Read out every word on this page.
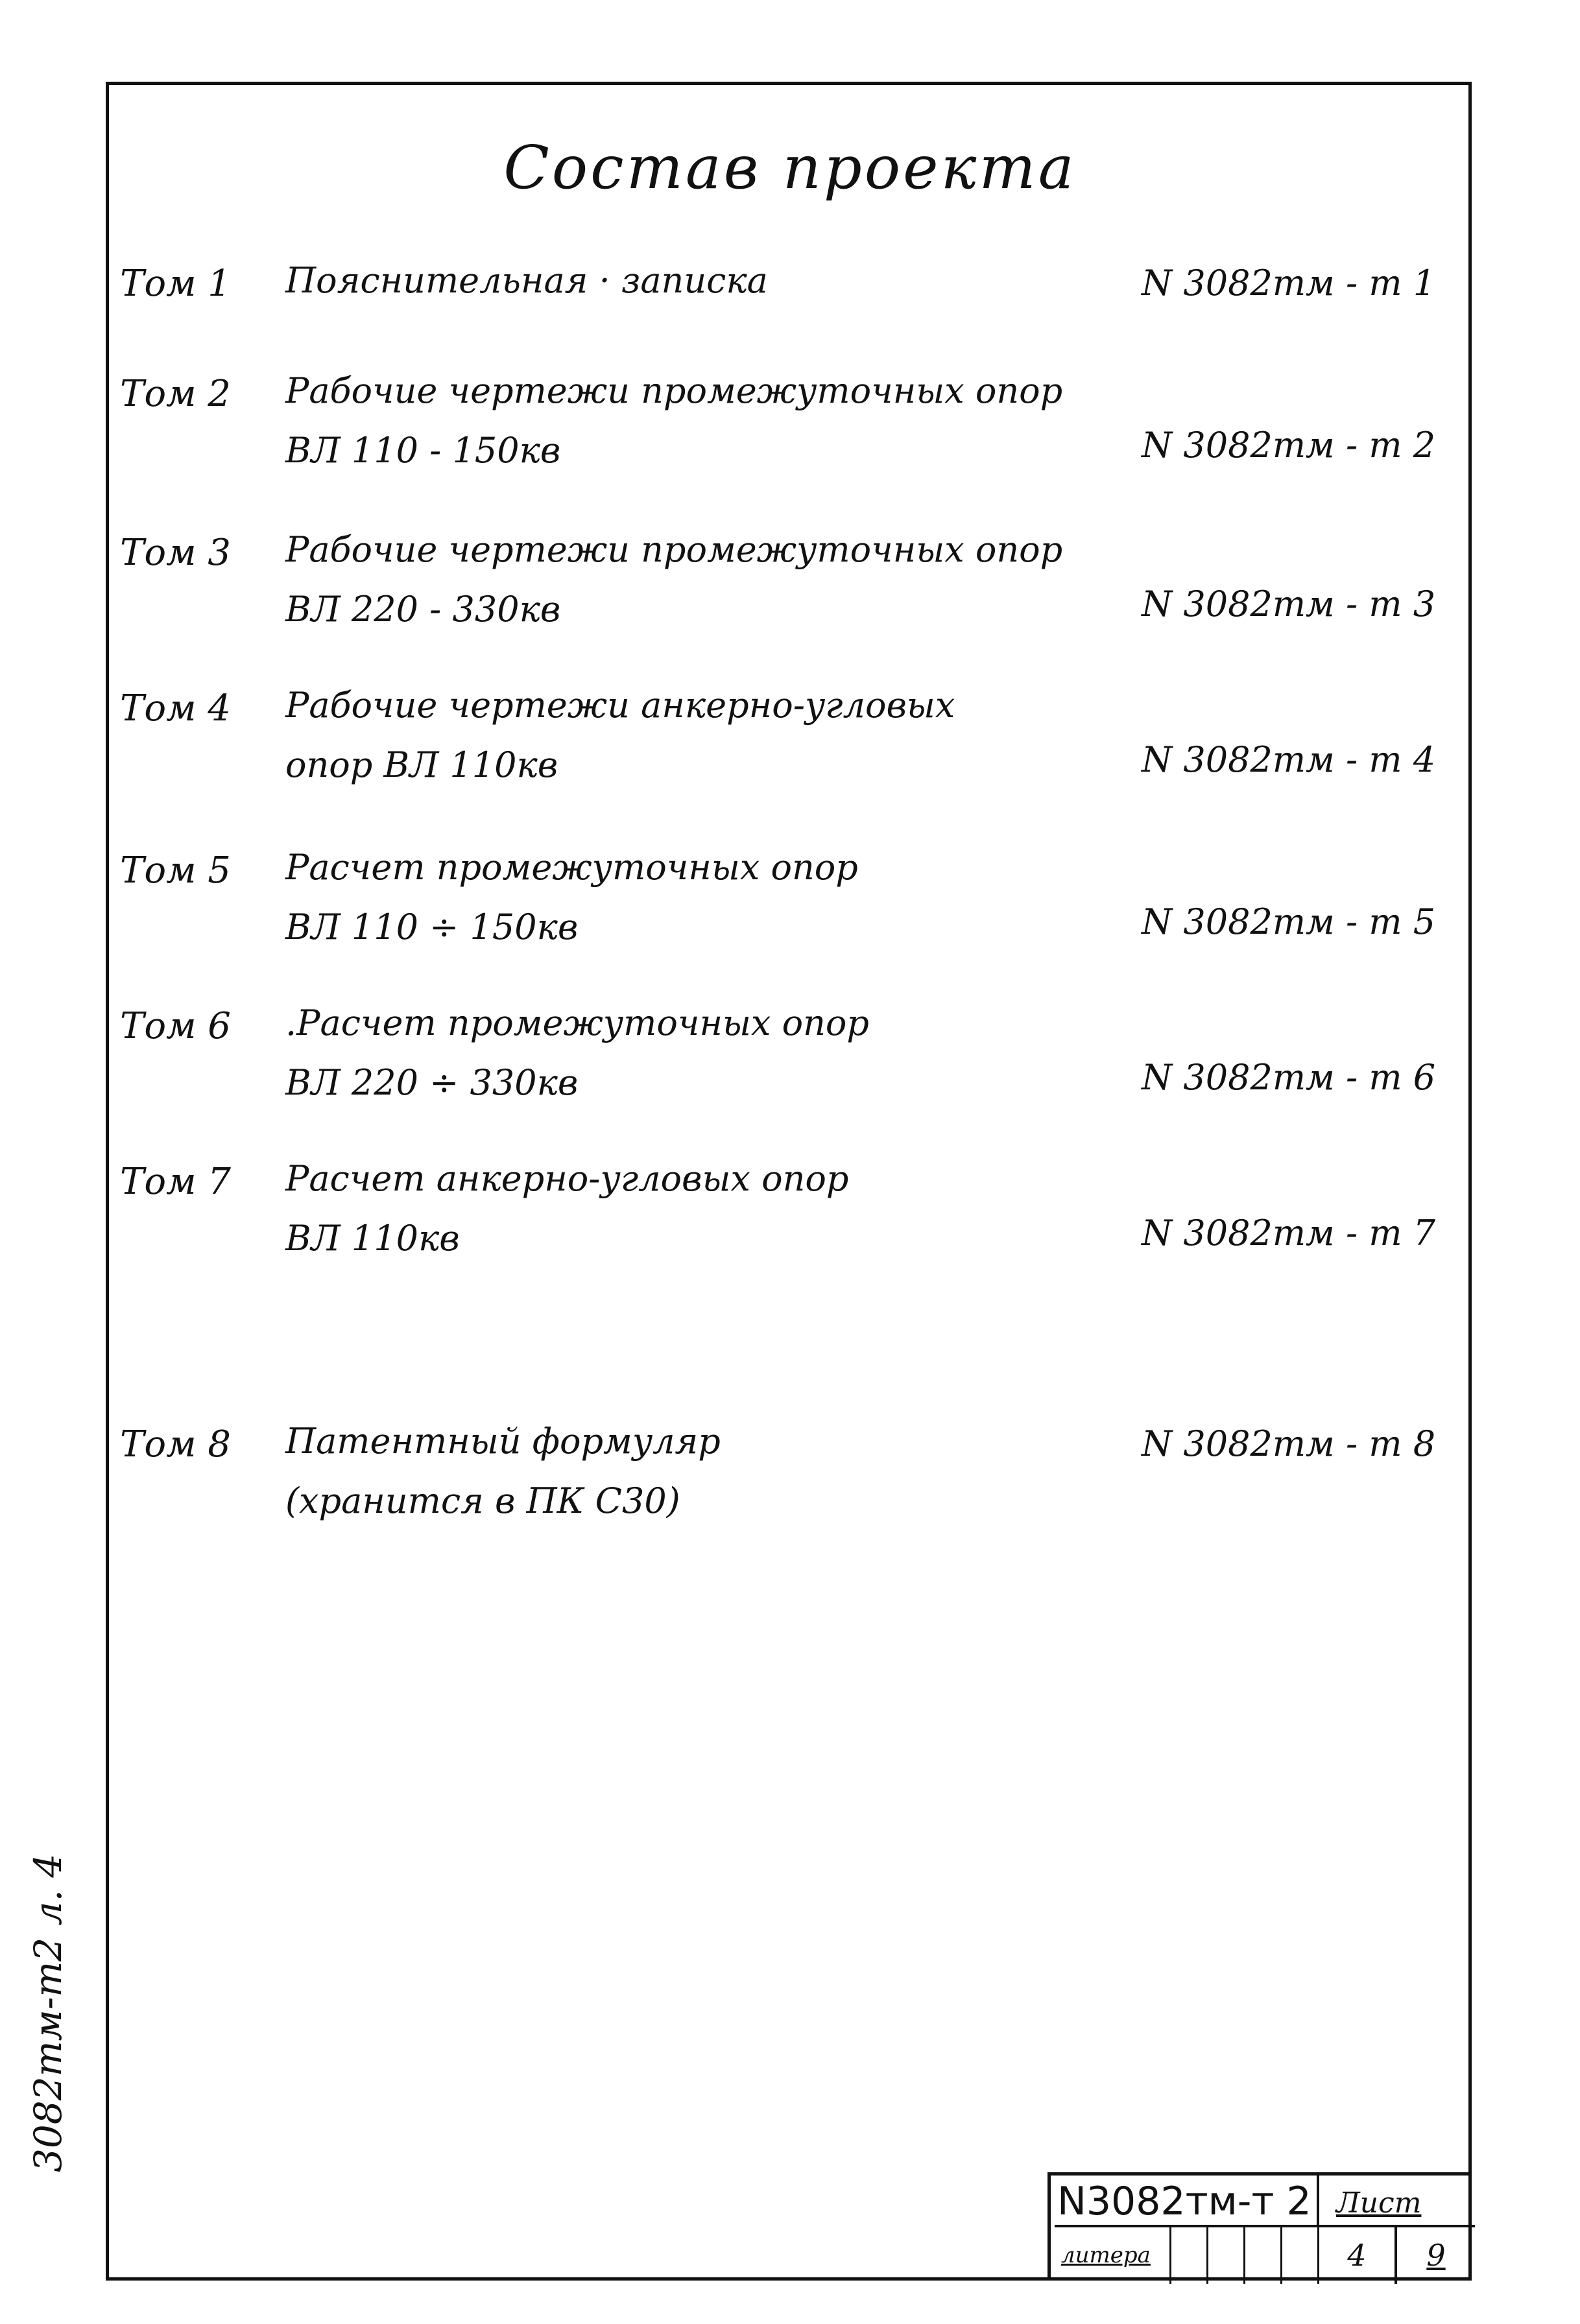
Состав проекта
Том 1 Пояснительная · записка	N 3082тм - т 1
Том 2 Рабочие чертежи промежуточных опор
ВЛ 110 - 150кв	N 3082тм - т 2
Том 3 Рабочие чертежи промежуточных опор
ВЛ 220 - 330кв	N 3082тм - т 3
Том 4 Рабочие чертежи анкерно-угловых
опор ВЛ 110кв	N 3082тм - т 4
Том 5 Расчет промежуточных опор
ВЛ 110 ÷ 150кв	N 3082тм - т 5
Том 6 .Расчет промежуточных опор
ВЛ 220 ÷ 330кв	N 3082тм - т 6
Том 7 Расчет анкерно-угловых опор
ВЛ 110кв	N 3082тм - т 7
Том 8 Патентный формуляр
(хранится в ПК С30)
N 3082тм - т 8
3082тм-т2 л. 4
N3082тм-т 2 Лист
литера	4	9
